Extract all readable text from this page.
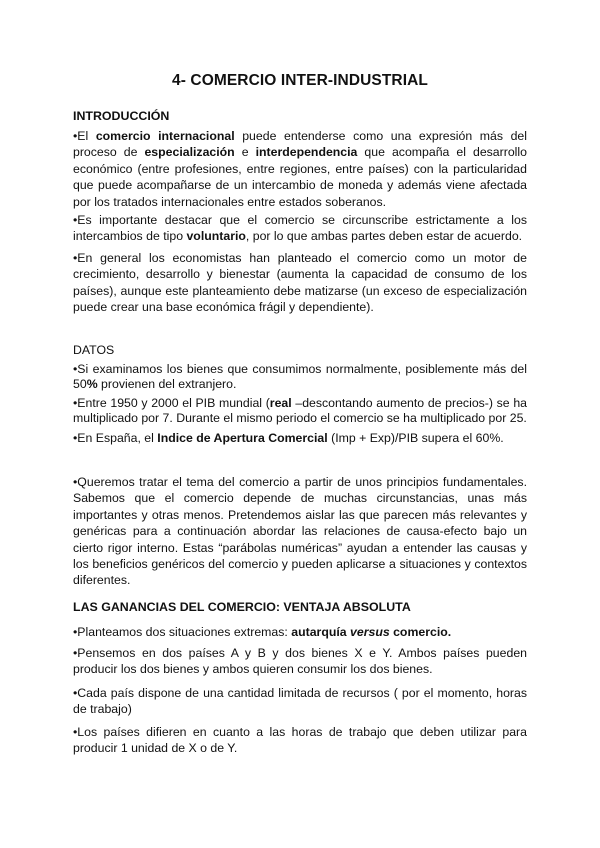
4- COMERCIO INTER-INDUSTRIAL
INTRODUCCIÓN

•El comercio internacional puede entenderse como una expresión más del proceso de especialización e interdependencia que acompaña el desarrollo económico (entre profesiones, entre regiones, entre países) con la particularidad que puede acompañarse de un intercambio de moneda y además viene afectada por los tratados internacionales entre estados soberanos.

•Es importante destacar que el comercio se circunscribe estrictamente a los intercambios de tipo voluntario, por lo que ambas partes deben estar de acuerdo.

•En general los economistas han planteado el comercio como un motor de crecimiento, desarrollo y bienestar (aumenta la capacidad de consumo de los países), aunque este planteamiento debe matizarse (un exceso de especialización puede crear una base económica frágil y dependiente).

DATOS

•Si examinamos los bienes que consumimos normalmente, posiblemente más del 50% provienen del extranjero.

•Entre 1950 y 2000 el PIB mundial (real –descontando aumento de precios-) se ha multiplicado por 7. Durante el mismo periodo el comercio se ha multiplicado por 25.

•En España, el Indice de Apertura Comercial (Imp + Exp)/PIB supera el 60%.

•Queremos tratar el tema del comercio a partir de unos principios fundamentales. Sabemos que el comercio depende de muchas circunstancias, unas más importantes y otras menos. Pretendemos aislar las que parecen más relevantes y genéricas para a continuación abordar las relaciones de causa-efecto bajo un cierto rigor interno. Estas “parábolas numéricas” ayudan a entender las causas y los beneficios genéricos del comercio y pueden aplicarse a situaciones y contextos diferentes.

LAS GANANCIAS DEL COMERCIO: VENTAJA ABSOLUTA

•Planteamos dos situaciones extremas: autarquía versus comercio.

•Pensemos en dos países A y B y dos bienes X e Y. Ambos países pueden producir los dos bienes y ambos quieren consumir los dos bienes.

•Cada país dispone de una cantidad limitada de recursos ( por el momento, horas de trabajo)

•Los países difieren en cuanto a las horas de trabajo que deben utilizar para producir 1 unidad de X o de Y.
